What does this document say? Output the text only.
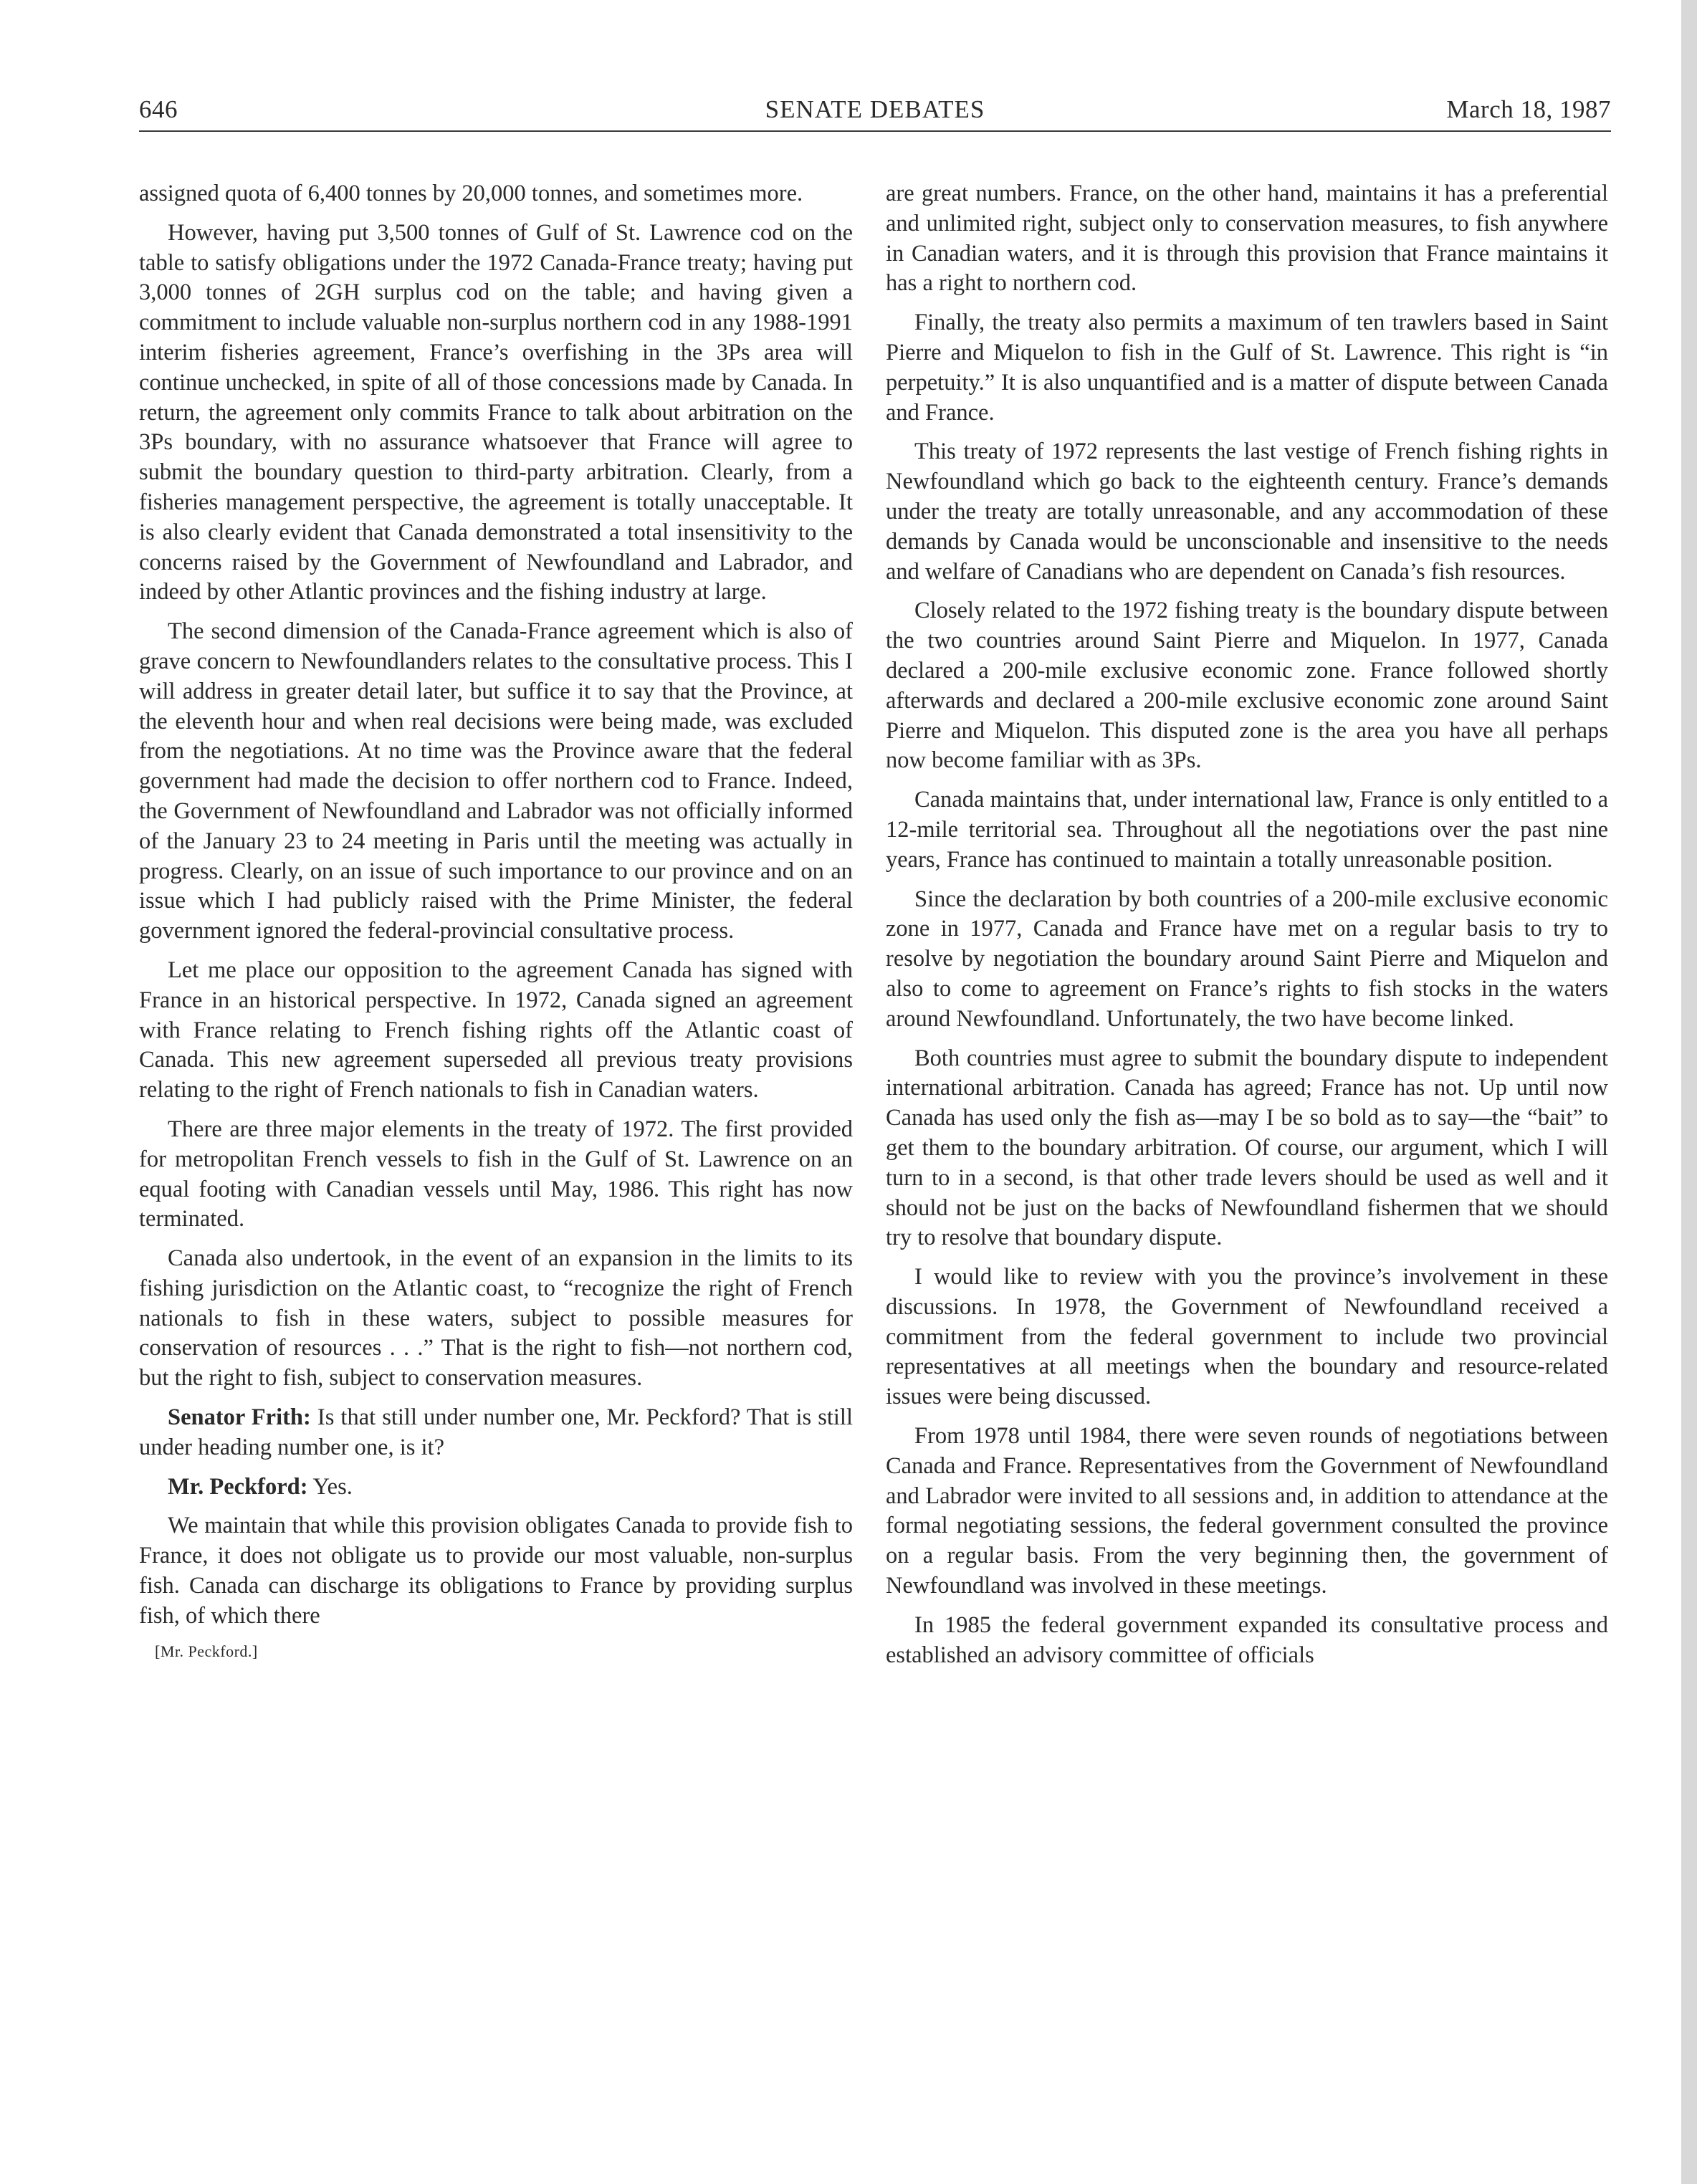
646	SENATE DEBATES	March 18, 1987

assigned quota of 6,400 tonnes by 20,000 tonnes, and sometimes more.

However, having put 3,500 tonnes of Gulf of St. Lawrence cod on the table to satisfy obligations under the 1972 Canada-France treaty; having put 3,000 tonnes of 2GH surplus cod on the table; and having given a commitment to include valuable non-surplus northern cod in any 1988-1991 interim fisheries agreement, France’s overfishing in the 3Ps area will continue unchecked, in spite of all of those concessions made by Canada. In return, the agreement only commits France to talk about arbitration on the 3Ps boundary, with no assurance whatsoever that France will agree to submit the boundary question to third-party arbitration. Clearly, from a fisheries management perspective, the agreement is totally unacceptable. It is also clearly evident that Canada demonstrated a total insensitivity to the concerns raised by the Government of Newfoundland and Labrador, and indeed by other Atlantic provinces and the fishing industry at large.

The second dimension of the Canada-France agreement which is also of grave concern to Newfoundlanders relates to the consultative process. This I will address in greater detail later, but suffice it to say that the Province, at the eleventh hour and when real decisions were being made, was excluded from the negotiations. At no time was the Province aware that the federal government had made the decision to offer northern cod to France. Indeed, the Government of Newfoundland and Labrador was not officially informed of the January 23 to 24 meeting in Paris until the meeting was actually in progress. Clearly, on an issue of such importance to our province and on an issue which I had publicly raised with the Prime Minister, the federal government ignored the federal-provincial consultative process.

Let me place our opposition to the agreement Canada has signed with France in an historical perspective. In 1972, Canada signed an agreement with France relating to French fishing rights off the Atlantic coast of Canada. This new agreement superseded all previous treaty provisions relating to the right of French nationals to fish in Canadian waters.

There are three major elements in the treaty of 1972. The first provided for metropolitan French vessels to fish in the Gulf of St. Lawrence on an equal footing with Canadian vessels until May, 1986. This right has now terminated.

Canada also undertook, in the event of an expansion in the limits to its fishing jurisdiction on the Atlantic coast, to “recognize the right of French nationals to fish in these waters, subject to possible measures for conservation of resources . . .” That is the right to fish—not northern cod, but the right to fish, subject to conservation measures.

Senator Frith: Is that still under number one, Mr. Peckford? That is still under heading number one, is it?

Mr. Peckford: Yes.

We maintain that while this provision obligates Canada to provide fish to France, it does not obligate us to provide our most valuable, non-surplus fish. Canada can discharge its obligations to France by providing surplus fish, of which there

[Mr. Peckford.]

are great numbers. France, on the other hand, maintains it has a preferential and unlimited right, subject only to conservation measures, to fish anywhere in Canadian waters, and it is through this provision that France maintains it has a right to northern cod.

Finally, the treaty also permits a maximum of ten trawlers based in Saint Pierre and Miquelon to fish in the Gulf of St. Lawrence. This right is “in perpetuity.” It is also unquantified and is a matter of dispute between Canada and France.

This treaty of 1972 represents the last vestige of French fishing rights in Newfoundland which go back to the eighteenth century. France’s demands under the treaty are totally unreasonable, and any accommodation of these demands by Canada would be unconscionable and insensitive to the needs and welfare of Canadians who are dependent on Canada’s fish resources.

Closely related to the 1972 fishing treaty is the boundary dispute between the two countries around Saint Pierre and Miquelon. In 1977, Canada declared a 200-mile exclusive economic zone. France followed shortly afterwards and declared a 200-mile exclusive economic zone around Saint Pierre and Miquelon. This disputed zone is the area you have all perhaps now become familiar with as 3Ps.

Canada maintains that, under international law, France is only entitled to a 12-mile territorial sea. Throughout all the negotiations over the past nine years, France has continued to maintain a totally unreasonable position.

Since the declaration by both countries of a 200-mile exclusive economic zone in 1977, Canada and France have met on a regular basis to try to resolve by negotiation the boundary around Saint Pierre and Miquelon and also to come to agreement on France’s rights to fish stocks in the waters around Newfoundland. Unfortunately, the two have become linked.

Both countries must agree to submit the boundary dispute to independent international arbitration. Canada has agreed; France has not. Up until now Canada has used only the fish as—may I be so bold as to say—the “bait” to get them to the boundary arbitration. Of course, our argument, which I will turn to in a second, is that other trade levers should be used as well and it should not be just on the backs of Newfoundland fishermen that we should try to resolve that boundary dispute.

I would like to review with you the province’s involvement in these discussions. In 1978, the Government of Newfoundland received a commitment from the federal government to include two provincial representatives at all meetings when the boundary and resource-related issues were being discussed.

From 1978 until 1984, there were seven rounds of negotiations between Canada and France. Representatives from the Government of Newfoundland and Labrador were invited to all sessions and, in addition to attendance at the formal negotiating sessions, the federal government consulted the province on a regular basis. From the very beginning then, the government of Newfoundland was involved in these meetings.

In 1985 the federal government expanded its consultative process and established an advisory committee of officials
